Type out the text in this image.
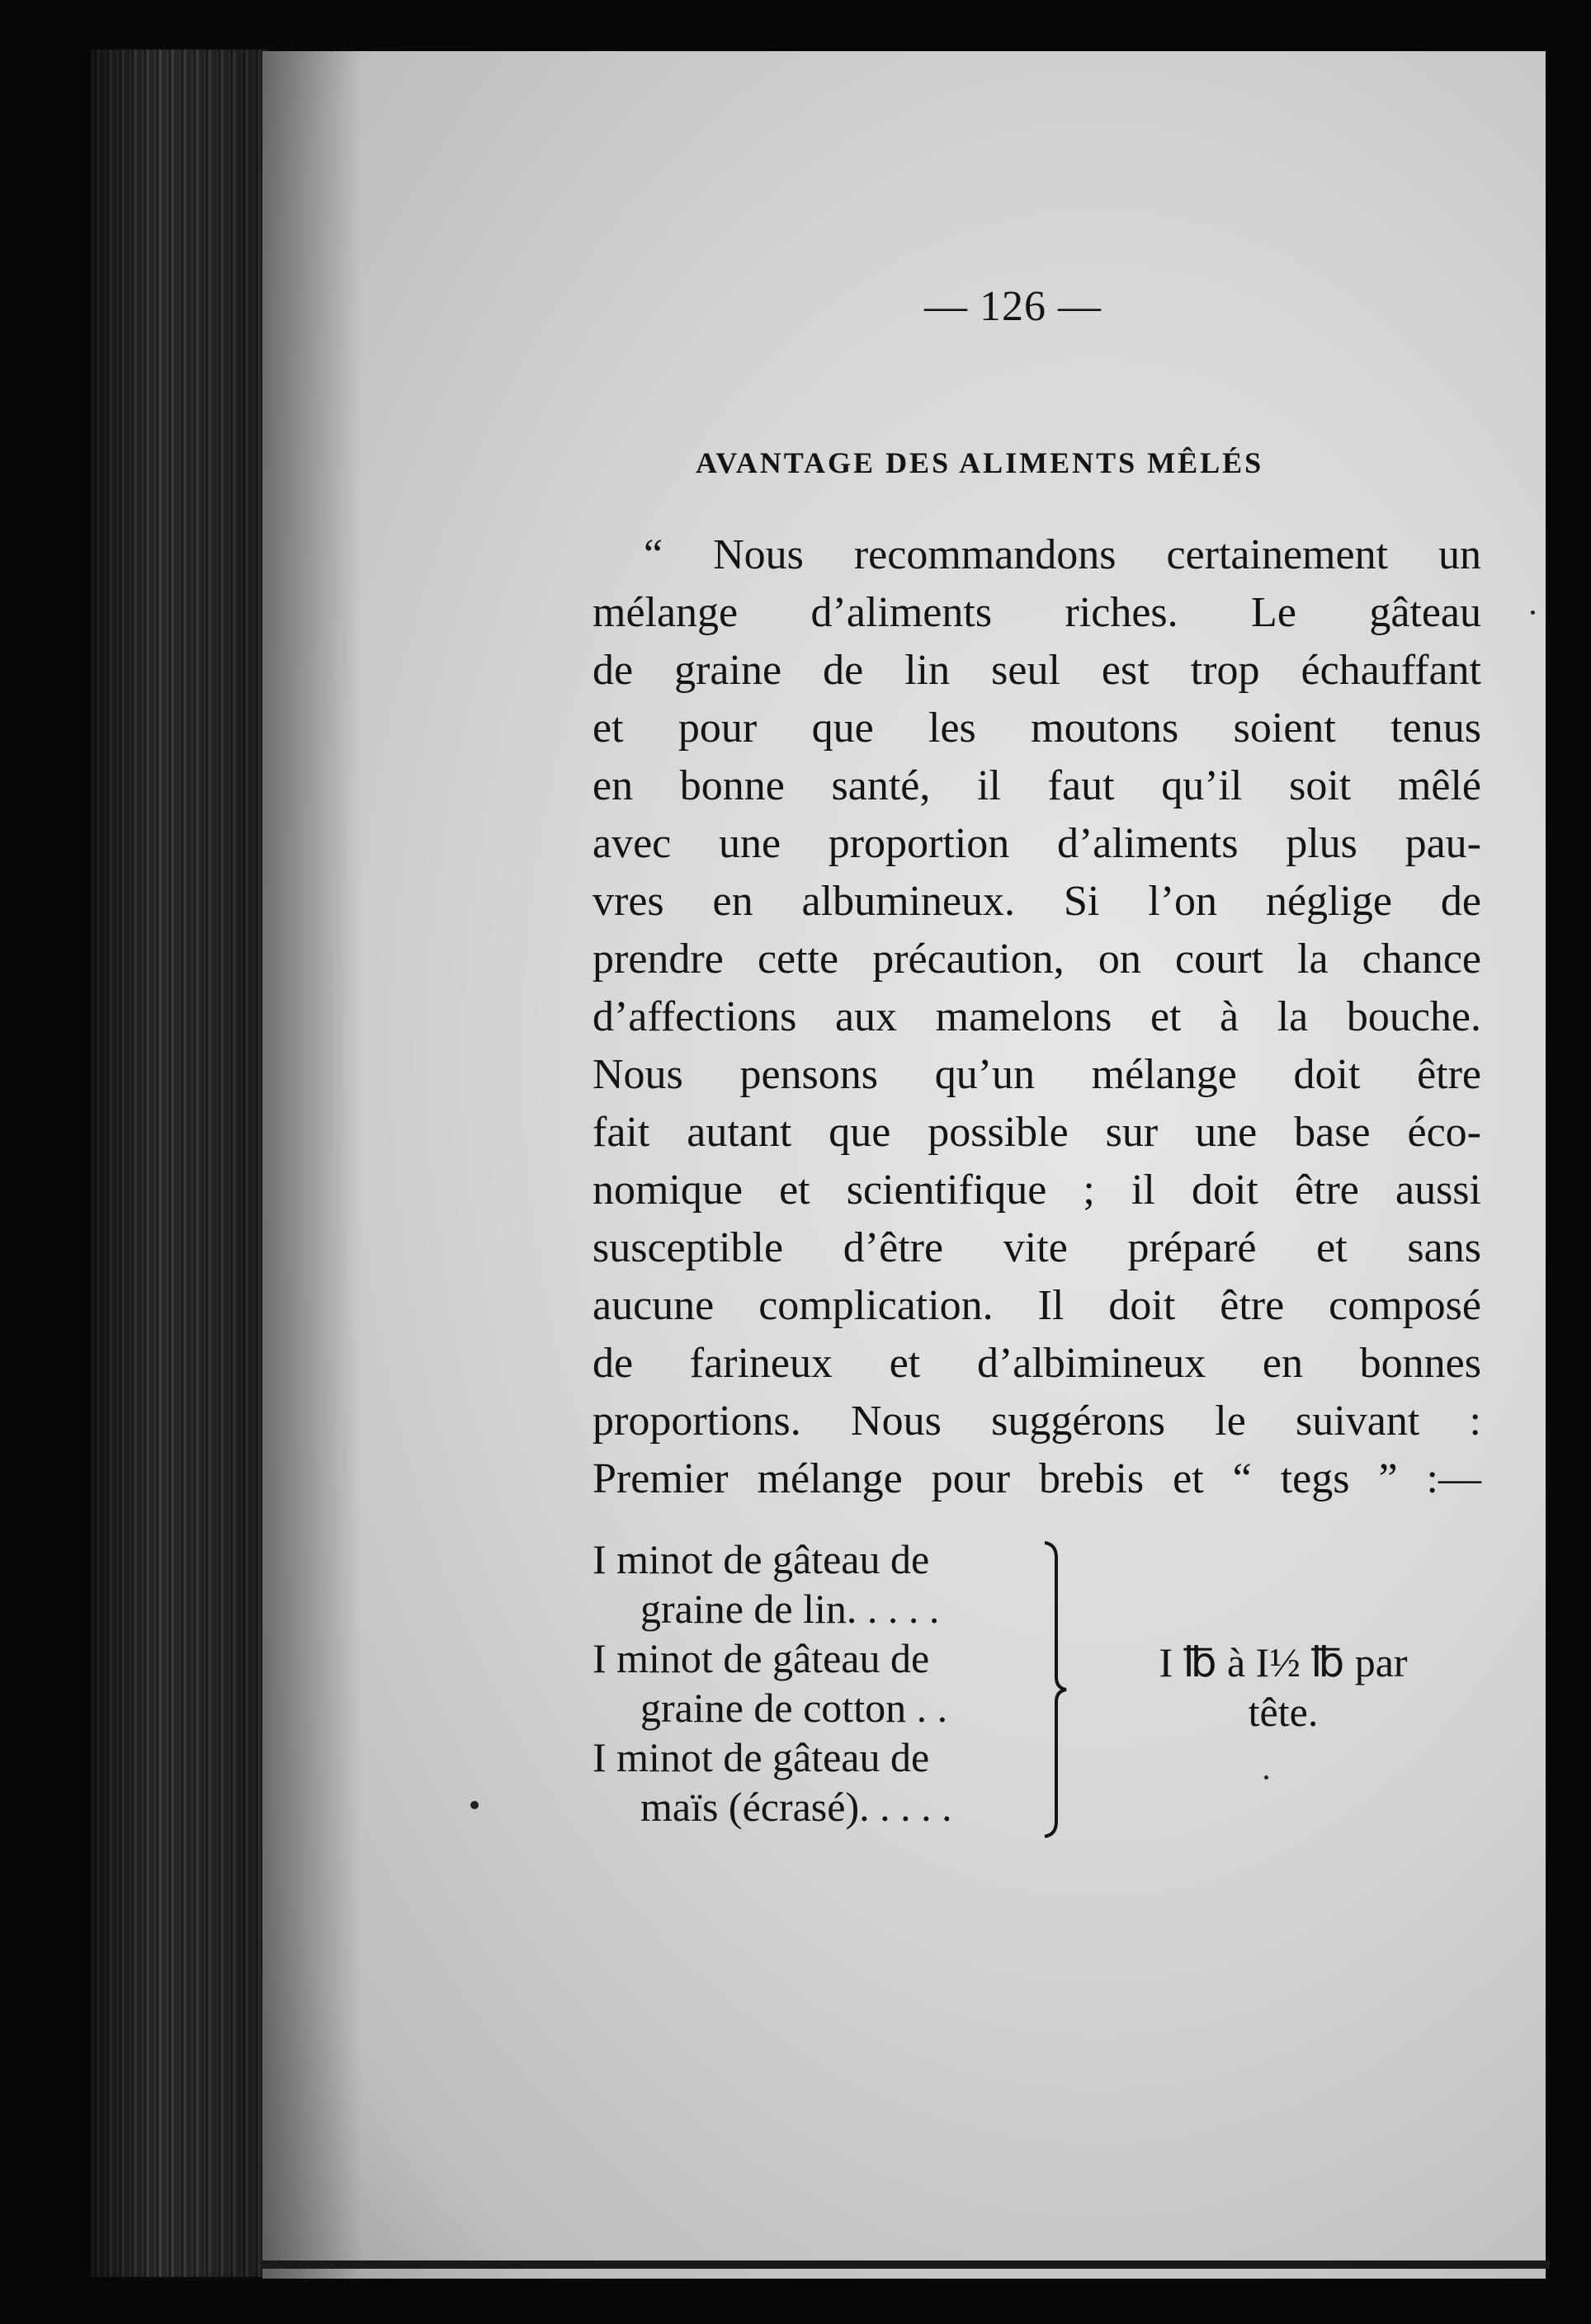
— 126 —
AVANTAGE DES ALIMENTS MÊLÉS
“ Nous recommandons certainement un
mélange d’aliments riches. Le gâteau
de graine de lin seul est trop échauffant
et pour que les moutons soient tenus
en bonne santé, il faut qu’il soit mêlé
avec une proportion d’aliments plus pau-
vres en albumineux. Si l’on néglige de
prendre cette précaution, on court la chance
d’affections aux mamelons et à la bouche.
Nous pensons qu’un mélange doit être
fait autant que possible sur une base éco-
nomique et scientifique ; il doit être aussi
susceptible d’être vite préparé et sans
aucune complication. Il doit être composé
de farineux et d’albimineux en bonnes
proportions. Nous suggérons le suivant :
Premier mélange pour brebis et “ tegs ” :—
I minot de gâteau de
graine de lin. . . . .
I minot de gâteau de
graine de cotton . .
I minot de gâteau de
maïs (écrasé). . . . .
I ℔ à I½ ℔ par
tête.
